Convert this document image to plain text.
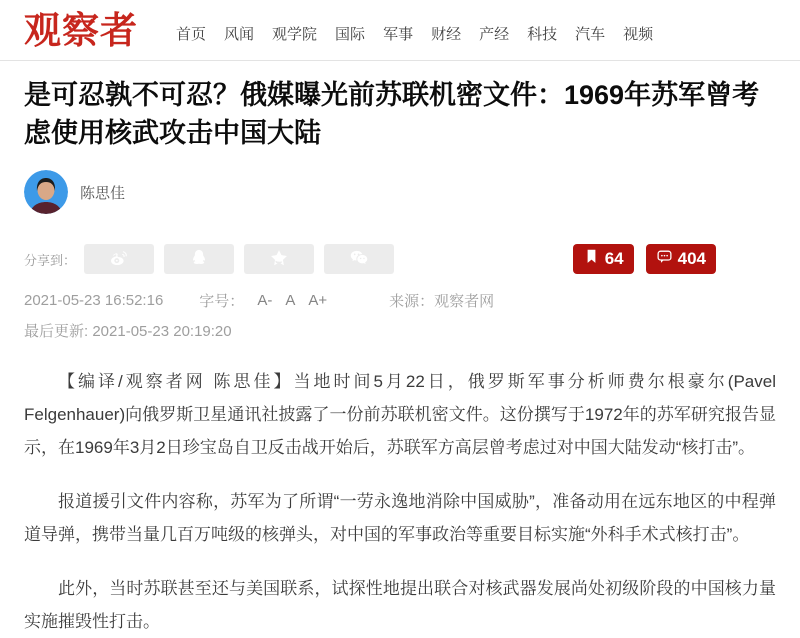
观察者	首页 风闻 观学院 国际 军事 财经 产经 科技 汽车 视频
是可忍孰不可忍？俄媒曝光前苏联机密文件：1969年苏军曾考虑使用核武攻击中国大陆
陈思佳
分享到：	64	404
2021-05-23 16:52:16 字号： A- A A+	来源：观察者网
最后更新: 2021-05-23 20:19:20

【编译/观察者网 陈思佳】当地时间5月22日，俄罗斯军事分析师费尔根豪尔(Pavel Felgenhauer)向俄罗斯卫星通讯社披露了一份前苏联机密文件。这份撰写于1972年的苏军研究报告显示，在1969年3月2日珍宝岛自卫反击战开始后，苏联军方高层曾考虑过对中国大陆发动“核打击”。

报道援引文件内容称，苏军为了所谓“一劳永逸地消除中国威胁”，准备动用在远东地区的中程弹道导弹，携带当量几百万吨级的核弹头，对中国的军事政治等重要目标实施“外科手术式核打击”。

此外，当时苏联甚至还与美国联系，试探性地提出联合对核武器发展尚处初级阶段的中国核力量实施摧毁性打击。
